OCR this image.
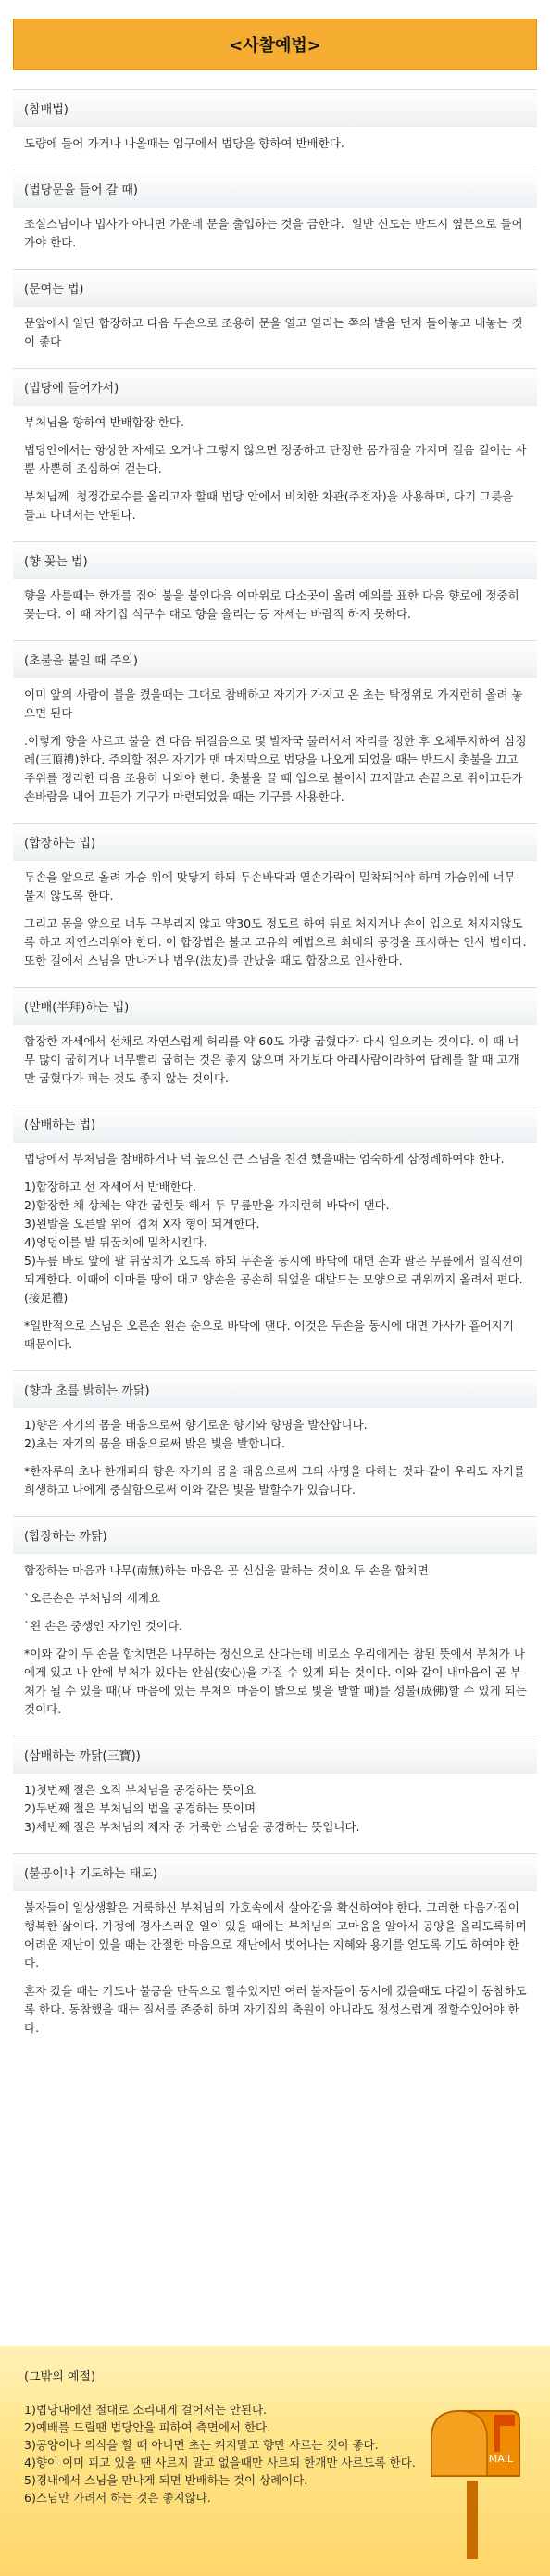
<사찰예법>
(참배법)
도량에 들어 가거나 나올때는 입구에서 법당을 향하여 반배한다.
(법당문을 들어 갈 때)
조실스님이나 법사가 아니면 가운데 문을 출입하는 것을 금한다.  일반 신도는 반드시 옆문으로 들어가야 한다.
(문여는 법)
문앞에서 일단 합장하고 다음 두손으로 조용히 문을 열고 열리는 쪽의 발을 먼저 들어놓고 내놓는 것이 좋다
(법당에 들어가서)
부처님을 향하여 반배합장 한다.
법당안에서는 항상한 자세로 오거나 그렇지 않으면 정중하고 단정한 몸가짐을 가지며 걸음 걸이는 사뿐 사뿐히 조심하여 걷는다.
부처님께  청정갑로수를 올리고자 할때 법당 안에서 비치한 차관(주전자)을 사용하며, 다기 그릇을 들고 다녀서는 안된다.
(향 꽂는 법)
향을 사를때는 한개를 집어 불을 붙인다음 이마위로 다소곳이 올려 예의를 표한 다음 향로에 정중히 꽂는다. 이 때 자기집 식구수 대로 향을 올리는 등 자세는 바람직 하지 못하다.
(초불을 붙일 때 주의)
이미 앞의 사람이 불을 켰을때는 그대로 참배하고 자기가 가지고 온 초는 탁정위로 가지런히 올려 놓으면 된다
.이렇게 향을 사르고 불을 켠 다음 뒤걸음으로 몇 발자국 물러서서 자리를 정한 후 오체투지하여 삼정례(三頂禮)한다. 주의할 점은 자기가 맨 마지막으로 법당을 나오게 되었을 때는 반드시 촛불을 끄고 주위를 정리한 다음 조용히 나와야 한다. 촛불을 끌 때 입으로 불어서 끄지말고 손끝으로 쥐어끄든가 손바람을 내어 끄든가 기구가 마련되었을 때는 기구를 사용한다.
(합장하는 법)
두손을 앞으로 올려 가슴 위에 맞닿게 하되 두손바닥과 열손가락이 밀착되어야 하며 가슴위에 너무 붙지 않도록 한다.
그리고 몸을 앞으로 너무 구부리지 않고 약30도 정도로 하여 뒤로 처지거나 손이 입으로 처지지않도록 하고 자연스러워야 한다. 이 합장법은 불교 고유의 예법으로 최대의 공경을 표시하는 인사 법이다. 또한 길에서 스님을 만나거나 법우(法友)를 만났을 때도 합장으로 인사한다.
(반배(半拜)하는 법)
합장한 자세에서 선채로 자연스럽게 허리를 약 60도 가량 굽혔다가 다시 일으키는 것이다. 이 때 너무 많이 굽히거나 너무빨리 굽히는 것은 좋지 않으며 자기보다 아래사람이라하여 답례를 할 때 고개만 굽혔다가 펴는 것도 좋지 않는 것이다.
(삼배하는 법)
법당에서 부처님을 참배하거나 덕 높으신 큰 스님을 친견 했을때는 엄숙하게 삼정례하여야 한다.
1)합장하고 선 자세에서 반배한다.
2)합장한 채 상체는 약간 굽힌듯 해서 두 무릎만을 가지런히 바닥에 댄다.
3)왼발을 오른발 위에 겹쳐 X자 형이 되게한다.
4)엉덩이를 발 뒤꿈치에 밀착시킨다.
5)무릎 바로 앞에 팔 뒤꿈치가 오도록 하되 두손을 동시에 바닥에 대면 손과 팔은 무릎에서 일직선이 되게한다. 이때에 이마를 땅에 대고 양손을 공손히 뒤엎을 때받드는 모양으로 귀위까지 올려서 편다.(接足禮)
*일반적으로 스님은 오른손 왼손 순으로 바닥에 댄다. 이것은 두손을 동시에 대면 가사가 흩어지기 때문이다.
(향과 초를 밝히는 까닭)
1)향은 자기의 몸을 태움으로써 향기로운 향기와 향명을 발산합니다.
2)초는 자기의 몸을 태움으로써 밝은 빛을 발합니다.
*한자루의 초나 한개피의 향은 자기의 몸을 태움으로써 그의 사명을 다하는 것과 같이 우리도 자기를 희생하고 나에게 충실함으로써 이와 같은 빛을 발할수가 있습니다.
(합장하는 까닭)
합장하는 마음과 나무(南無)하는 마음은 곧 신심을 말하는 것이요 두 손을 합치면
`오른손은 부처님의 세계요
`왼 손은 중생인 자기인 것이다.
*이와 같이 두 손을 합치면은 나무하는 정신으로 산다는데 비로소 우리에게는 참된 뜻에서 부처가 나에게 있고 나 안에 부처가 있다는 안심(安心)을 가질 수 있게 되는 것이다. 이와 같이 내마음이 곧 부처가 될 수 있을 때(내 마음에 있는 부처의 마음이 밝으로 빛을 발할 때)를 성불(成佛)할 수 있게 되는 것이다.
(삼배하는 까닭(三寶))
1)첫번째 절은 오직 부처님을 공경하는 뜻이요
2)두번째 절은 부처님의 법을 공경하는 뜻이며
3)세번째 절은 부처님의 제자 중 거룩한 스님을 공경하는 뜻입니다.
(불공이나 기도하는 태도)
불자들이 일상생활은 거룩하신 부처님의 가호속에서 살아감을 확신하여야 한다. 그러한 마음가짐이 행복한 삶이다. 가정에 경사스러운 일이 있을 때에는 부처님의 고마움을 알아서 공양을 올리도록하며 어려운 재난이 있을 때는 간절한 마음으로 재난에서 벗어나는 지혜와 용기를 얻도록 기도 하여야 한다.
혼자 갔을 때는 기도나 불공을 단독으로 할수있지만 여러 불자들이 동시에 갔을때도 다같이 동참하도록 한다. 동참했을 때는 질서를 존중히 하며 자기집의 축원이 아니라도 정성스럽게 절할수있어야 한다.
(그밖의 예절)
1)법당내에선 절대로 소리내게 걸어서는 안된다.
2)예배를 드릴땐 법당안을 피하여 측면에서 한다.
3)공양이나 의식을 할 때 아니면 초는 켜지말고 향만 사르는 것이 좋다.
4)향이 이미 피고 있을 땐 사르지 말고 없을때만 사르되 한개만 사르도록 한다.
5)경내에서 스님을 만나게 되면 반배하는 것이 상례이다.
6)스님만 가려서 하는 것은 좋지않다.
MAIL
